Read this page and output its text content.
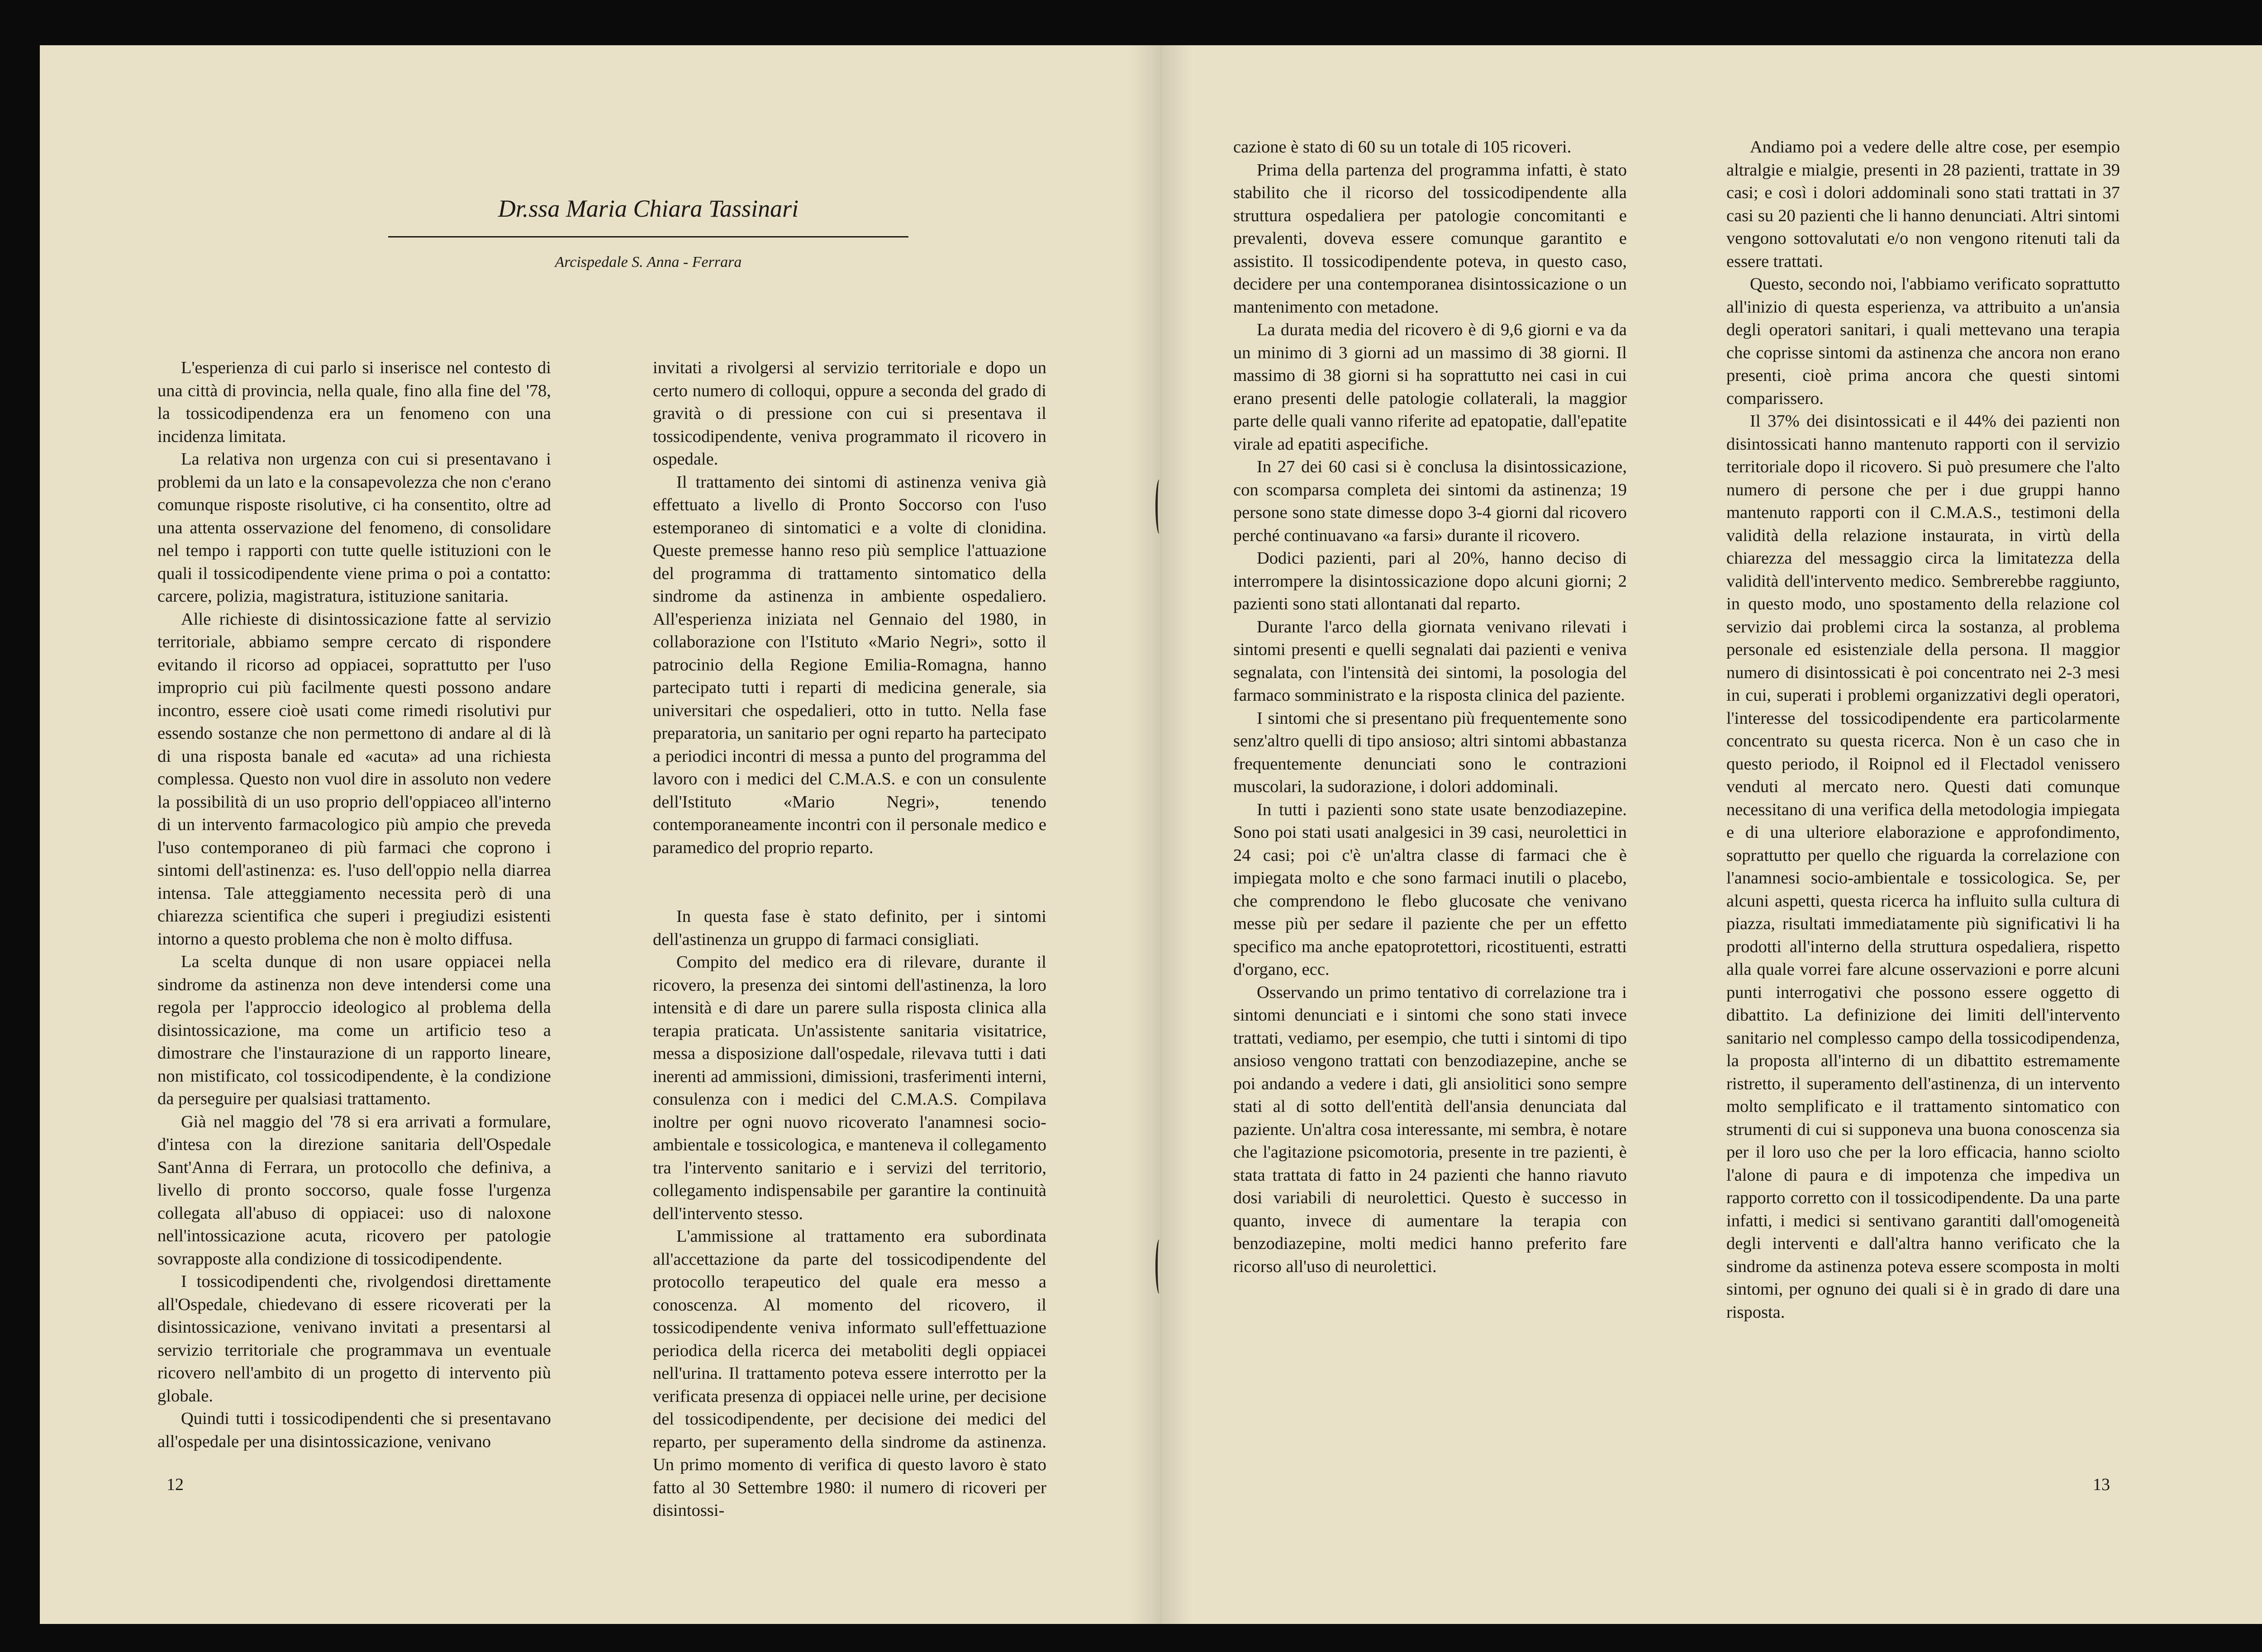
Dr.ssa Maria Chiara Tassinari

Arcispedale S. Anna - Ferrara

L'esperienza di cui parlo si inserisce nel contesto di una città di provincia, nella quale, fino alla fine del '78, la tossicodipendenza era un fenomeno con una incidenza limitata.

La relativa non urgenza con cui si presentavano i problemi da un lato e la consapevolezza che non c'erano comunque risposte risolutive, ci ha consentito, oltre ad una attenta osservazione del fenomeno, di consolidare nel tempo i rapporti con tutte quelle istituzioni con le quali il tossicodipendente viene prima o poi a contatto: carcere, polizia, magistratura, istituzione sanitaria.

Alle richieste di disintossicazione fatte al servizio territoriale, abbiamo sempre cercato di rispondere evitando il ricorso ad oppiacei, soprattutto per l'uso improprio cui più facilmente questi possono andare incontro, essere cioè usati come rimedi risolutivi pur essendo sostanze che non permettono di andare al di là di una risposta banale ed «acuta» ad una richiesta complessa. Questo non vuol dire in assoluto non vedere la possibilità di un uso proprio dell'oppiaceo all'interno di un intervento farmacologico più ampio che preveda l'uso contemporaneo di più farmaci che coprono i sintomi dell'astinenza: es. l'uso dell'oppio nella diarrea intensa. Tale atteggiamento necessita però di una chiarezza scientifica che superi i pregiudizi esistenti intorno a questo problema che non è molto diffusa.

La scelta dunque di non usare oppiacei nella sindrome da astinenza non deve intendersi come una regola per l'approccio ideologico al problema della disintossicazione, ma come un artificio teso a dimostrare che l'instaurazione di un rapporto lineare, non mistificato, col tossicodipendente, è la condizione da perseguire per qualsiasi trattamento.

Già nel maggio del '78 si era arrivati a formulare, d'intesa con la direzione sanitaria dell'Ospedale Sant'Anna di Ferrara, un protocollo che definiva, a livello di pronto soccorso, quale fosse l'urgenza collegata all'abuso di oppiacei: uso di naloxone nell'intossicazione acuta, ricovero per patologie sovrapposte alla condizione di tossicodipendente.

I tossicodipendenti che, rivolgendosi direttamente all'Ospedale, chiedevano di essere ricoverati per la disintossicazione, venivano invitati a presentarsi al servizio territoriale che programmava un eventuale ricovero nell'ambito di un progetto di intervento più globale.

Quindi tutti i tossicodipendenti che si presentavano all'ospedale per una disintossicazione, venivano

invitati a rivolgersi al servizio territoriale e dopo un certo numero di colloqui, oppure a seconda del grado di gravità o di pressione con cui si presentava il tossicodipendente, veniva programmato il ricovero in ospedale.

Il trattamento dei sintomi di astinenza veniva già effettuato a livello di Pronto Soccorso con l'uso estemporaneo di sintomatici e a volte di clonidina. Queste premesse hanno reso più semplice l'attuazione del programma di trattamento sintomatico della sindrome da astinenza in ambiente ospedaliero. All'esperienza iniziata nel Gennaio del 1980, in collaborazione con l'Istituto «Mario Negri», sotto il patrocinio della Regione Emilia-Romagna, hanno partecipato tutti i reparti di medicina generale, sia universitari che ospedalieri, otto in tutto. Nella fase preparatoria, un sanitario per ogni reparto ha partecipato a periodici incontri di messa a punto del programma del lavoro con i medici del C.M.A.S. e con un consulente dell'Istituto «Mario Negri», tenendo contemporaneamente incontri con il personale medico e paramedico del proprio reparto.

In questa fase è stato definito, per i sintomi dell'astinenza un gruppo di farmaci consigliati.

Compito del medico era di rilevare, durante il ricovero, la presenza dei sintomi dell'astinenza, la loro intensità e di dare un parere sulla risposta clinica alla terapia praticata. Un'assistente sanitaria visitatrice, messa a disposizione dall'ospedale, rilevava tutti i dati inerenti ad ammissioni, dimissioni, trasferimenti interni, consulenza con i medici del C.M.A.S. Compilava inoltre per ogni nuovo ricoverato l'anamnesi socio-ambientale e tossicologica, e manteneva il collegamento tra l'intervento sanitario e i servizi del territorio, collegamento indispensabile per garantire la continuità dell'intervento stesso.

L'ammissione al trattamento era subordinata all'accettazione da parte del tossicodipendente del protocollo terapeutico del quale era messo a conoscenza. Al momento del ricovero, il tossicodipendente veniva informato sull'effettuazione periodica della ricerca dei metaboliti degli oppiacei nell'urina. Il trattamento poteva essere interrotto per la verificata presenza di oppiacei nelle urine, per decisione del tossicodipendente, per decisione dei medici del reparto, per superamento della sindrome da astinenza. Un primo momento di verifica di questo lavoro è stato fatto al 30 Settembre 1980: il numero di ricoveri per disintossi-

12

cazione è stato di 60 su un totale di 105 ricoveri.

Prima della partenza del programma infatti, è stato stabilito che il ricorso del tossicodipendente alla struttura ospedaliera per patologie concomitanti e prevalenti, doveva essere comunque garantito e assistito. Il tossicodipendente poteva, in questo caso, decidere per una contemporanea disintossicazione o un mantenimento con metadone.

La durata media del ricovero è di 9,6 giorni e va da un minimo di 3 giorni ad un massimo di 38 giorni. Il massimo di 38 giorni si ha soprattutto nei casi in cui erano presenti delle patologie collaterali, la maggior parte delle quali vanno riferite ad epatopatie, dall'epatite virale ad epatiti aspecifiche.

In 27 dei 60 casi si è conclusa la disintossicazione, con scomparsa completa dei sintomi da astinenza; 19 persone sono state dimesse dopo 3-4 giorni dal ricovero perché continuavano «a farsi» durante il ricovero.

Dodici pazienti, pari al 20%, hanno deciso di interrompere la disintossicazione dopo alcuni giorni; 2 pazienti sono stati allontanati dal reparto.

Durante l'arco della giornata venivano rilevati i sintomi presenti e quelli segnalati dai pazienti e veniva segnalata, con l'intensità dei sintomi, la posologia del farmaco somministrato e la risposta clinica del paziente.

I sintomi che si presentano più frequentemente sono senz'altro quelli di tipo ansioso; altri sintomi abbastanza frequentemente denunciati sono le contrazioni muscolari, la sudorazione, i dolori addominali.

In tutti i pazienti sono state usate benzodiazepine. Sono poi stati usati analgesici in 39 casi, neurolettici in 24 casi; poi c'è un'altra classe di farmaci che è impiegata molto e che sono farmaci inutili o placebo, che comprendono le flebo glucosate che venivano messe più per sedare il paziente che per un effetto specifico ma anche epatoprotettori, ricostituenti, estratti d'organo, ecc.

Osservando un primo tentativo di correlazione tra i sintomi denunciati e i sintomi che sono stati invece trattati, vediamo, per esempio, che tutti i sintomi di tipo ansioso vengono trattati con benzodiazepine, anche se poi andando a vedere i dati, gli ansiolitici sono sempre stati al di sotto dell'entità dell'ansia denunciata dal paziente. Un'altra cosa interessante, mi sembra, è notare che l'agitazione psicomotoria, presente in tre pazienti, è stata trattata di fatto in 24 pazienti che hanno riavuto dosi variabili di neurolettici. Questo è successo in quanto, invece di aumentare la terapia con benzodiazepine, molti medici hanno preferito fare ricorso all'uso di neurolettici.

Andiamo poi a vedere delle altre cose, per esempio altralgie e mialgie, presenti in 28 pazienti, trattate in 39 casi; e così i dolori addominali sono stati trattati in 37 casi su 20 pazienti che li hanno denunciati. Altri sintomi vengono sottovalutati e/o non vengono ritenuti tali da essere trattati.

Questo, secondo noi, l'abbiamo verificato soprattutto all'inizio di questa esperienza, va attribuito a un'ansia degli operatori sanitari, i quali mettevano una terapia che coprisse sintomi da astinenza che ancora non erano presenti, cioè prima ancora che questi sintomi comparissero.

Il 37% dei disintossicati e il 44% dei pazienti non disintossicati hanno mantenuto rapporti con il servizio territoriale dopo il ricovero. Si può presumere che l'alto numero di persone che per i due gruppi hanno mantenuto rapporti con il C.M.A.S., testimoni della validità della relazione instaurata, in virtù della chiarezza del messaggio circa la limitatezza della validità dell'intervento medico. Sembrerebbe raggiunto, in questo modo, uno spostamento della relazione col servizio dai problemi circa la sostanza, al problema personale ed esistenziale della persona. Il maggior numero di disintossicati è poi concentrato nei 2-3 mesi in cui, superati i problemi organizzativi degli operatori, l'interesse del tossicodipendente era particolarmente concentrato su questa ricerca. Non è un caso che in questo periodo, il Roipnol ed il Flectadol venissero venduti al mercato nero. Questi dati comunque necessitano di una verifica della metodologia impiegata e di una ulteriore elaborazione e approfondimento, soprattutto per quello che riguarda la correlazione con l'anamnesi socio-ambientale e tossicologica. Se, per alcuni aspetti, questa ricerca ha influito sulla cultura di piazza, risultati immediatamente più significativi li ha prodotti all'interno della struttura ospedaliera, rispetto alla quale vorrei fare alcune osservazioni e porre alcuni punti interrogativi che possono essere oggetto di dibattito. La definizione dei limiti dell'intervento sanitario nel complesso campo della tossicodipendenza, la proposta all'interno di un dibattito estremamente ristretto, il superamento dell'astinenza, di un intervento molto semplificato e il trattamento sintomatico con strumenti di cui si supponeva una buona conoscenza sia per il loro uso che per la loro efficacia, hanno sciolto l'alone di paura e di impotenza che impediva un rapporto corretto con il tossicodipendente. Da una parte infatti, i medici si sentivano garantiti dall'omogeneità degli interventi e dall'altra hanno verificato che la sindrome da astinenza poteva essere scomposta in molti sintomi, per ognuno dei quali si è in grado di dare una risposta.

13
